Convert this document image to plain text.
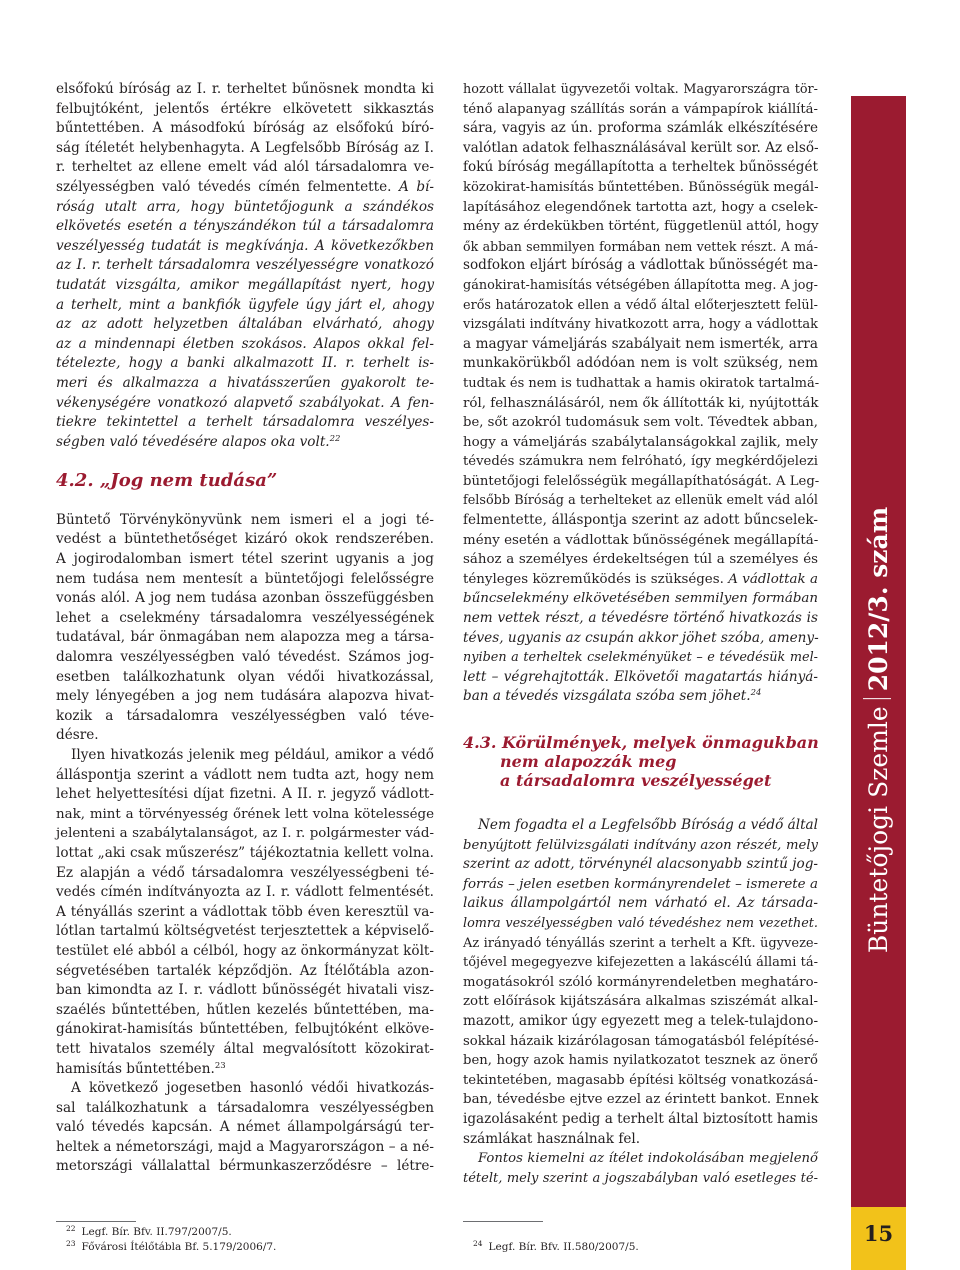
elsőfokú bíróság az I. r. terheltet bűnösnek mondta ki
felbujtóként, jelentős értékre elkövetett sikkasztás
bűntettében. A másodfokú bíróság az elsőfokú bíró-
ság ítéletét helybenhagyta. A Legfelsőbb Bíróság az I.
r. terheltet az ellene emelt vád alól társadalomra ve-
szélyességben való tévedés címén felmentette. A bí-
róság utalt arra, hogy büntetőjogunk a szándékos
elkövetés esetén a tényszándékon túl a társadalomra
veszélyesség tudatát is megkívánja. A következőkben
az I. r. terhelt társadalomra veszélyességre vonatkozó
tudatát vizsgálta, amikor megállapítást nyert, hogy
a terhelt, mint a bankfiók ügyfele úgy járt el, ahogy
az az adott helyzetben általában elvárható, ahogy
az a mindennapi életben szokásos. Alapos okkal fel-
tételezte, hogy a banki alkalmazott II. r. terhelt is-
meri és alkalmazza a hivatásszerűen gyakorolt te-
vékenységére vonatkozó alapvető szabályokat. A fen-
tiekre tekintettel a terhelt társadalomra veszélyes-
ségben való tévedésére alapos oka volt.$^{22}$

4.2. „Jog nem tudása”

Büntető Törvénykönyvünk nem ismeri el a jogi té-
vedést a büntethetőséget kizáró okok rendszerében.
A jogirodalomban ismert tétel szerint ugyanis a jog
nem tudása nem mentesít a büntetőjogi felelősségre
vonás alól. A jog nem tudása azonban összefüggésben
lehet a cselekmény társadalomra veszélyességének
tudatával, bár önmagában nem alapozza meg a társa-
dalomra veszélyességben való tévedést. Számos jog-
esetben találkozhatunk olyan védői hivatkozással,
mely lényegében a jog nem tudására alapozva hivat-
kozik a társadalomra veszélyességben való téve-
désre.

Ilyen hivatkozás jelenik meg például, amikor a védő
álláspontja szerint a vádlott nem tudta azt, hogy nem
lehet helyettesítési díjat fizetni. A II. r. jegyző vádlott-
nak, mint a törvényesség őrének lett volna kötelessége
jelenteni a szabálytalanságot, az I. r. polgármester vád-
lottat „aki csak műszerész” tájékoztatnia kellett volna.
Ez alapján a védő társadalomra veszélyességbeni té-
vedés címén indítványozta az I. r. vádlott felmentését.
A tényállás szerint a vádlottak több éven keresztül va-
lótlan tartalmú költségvetést terjesztettek a képviselő-
testület elé abból a célból, hogy az önkormányzat költ-
ségvetésében tartalék képződjön. Az Ítélőtábla azon-
ban kimondta az I. r. vádlott bűnösségét hivatali visz-
szaélés bűntettében, hűtlen kezelés bűntettében, ma-
gánokirat-hamisítás bűntettében, felbujtóként elköve-
tett hivatalos személy által megvalósított közokirat-
hamisítás bűntettében.$^{23}$

A következő jogesetben hasonló védői hivatkozás-
sal találkozhatunk a társadalomra veszélyességben
való tévedés kapcsán. A német állampolgárságú ter-
heltek a németországi, majd a Magyarországon – a né-
metországi vállalattal bérmunkaszerződésre – létre-

$^{22}$ Legf. Bír. Bfv. II.797/2007/5.
$^{23}$ Fővárosi Ítélőtábla Bf. 5.179/2006/7.

hozott vállalat ügyvezetői voltak. Magyarországra tör-
ténő alapanyag szállítás során a vámpapírok kiállítá-
sára, vagyis az ún. proforma számlák elkészítésére
valótlan adatok felhasználásával került sor. Az első-
fokú bíróság megállapította a terheltek bűnösségét
közokirat-hamisítás bűntettében. Bűnösségük megál-
lapításához elegendőnek tartotta azt, hogy a cselek-
mény az érdekükben történt, függetlenül attól, hogy
ők abban semmilyen formában nem vettek részt. A má-
sodfokon eljárt bíróság a vádlottak bűnösségét ma-
gánokirat-hamisítás vétségében állapította meg. A jog-
erős határozatok ellen a védő által előterjesztett felül-
vizsgálati indítvány hivatkozott arra, hogy a vádlottak
a magyar vámeljárás szabályait nem ismerték, arra
munkakörükből adódóan nem is volt szükség, nem
tudtak és nem is tudhattak a hamis okiratok tartalmá-
ról, felhasználásáról, nem ők állították ki, nyújtották
be, sőt azokról tudomásuk sem volt. Tévedtek abban,
hogy a vámeljárás szabálytalanságokkal zajlik, mely
tévedés számukra nem felróható, így megkérdőjelezi
büntetőjogi felelősségük megállapíthatóságát. A Leg-
felsőbb Bíróság a terhelteket az ellenük emelt vád alól
felmentette, álláspontja szerint az adott bűncselek-
mény esetén a vádlottak bűnösségének megállapítá-
sához a személyes érdekeltségen túl a személyes és
tényleges közreműködés is szükséges. A vádlottak a
bűncselekmény elkövetésében semmilyen formában
nem vettek részt, a tévedésre történő hivatkozás is
téves, ugyanis az csupán akkor jöhet szóba, ameny-
nyiben a terheltek cselekményüket – e tévedésük mel-
lett – végrehajtották. Elkövetői magatartás hiányá-
ban a tévedés vizsgálata szóba sem jöhet.$^{24}$

4.3. Körülmények, melyek önmagukban
nem alapozzák meg
a társadalomra veszélyességet

Nem fogadta el a Legfelsőbb Bíróság a védő által
benyújtott felülvizsgálati indítvány azon részét, mely
szerint az adott, törvénynél alacsonyabb szintű jog-
forrás – jelen esetben kormányrendelet – ismerete a
laikus állampolgártól nem várható el. Az társada-
lomra veszélyességben való tévedéshez nem vezethet.
Az irányadó tényállás szerint a terhelt a Kft. ügyveze-
tőjével megegyezve kifejezetten a lakáscélú állami tá-
mogatásokról szóló kormányrendeletben meghatáro-
zott előírások kijátszására alkalmas sziszémát alkal-
mazott, amikor úgy egyezett meg a telek-tulajdono-
sokkal házaik kizárólagosan támogatásból felépítésé-
ben, hogy azok hamis nyilatkozatot tesznek az önerő
tekintetében, magasabb építési költség vonatkozásá-
ban, tévedésbe ejtve ezzel az érintett bankot. Ennek
igazolásaként pedig a terhelt által biztosított hamis
számlákat használnak fel.

Fontos kiemelni az ítélet indokolásában megjelenő
tételt, mely szerint a jogszabályban való esetleges té-

$^{24}$ Legf. Bír. Bfv. II.580/2007/5.
Büntetőjogi Szemle2012/3. szám
15
